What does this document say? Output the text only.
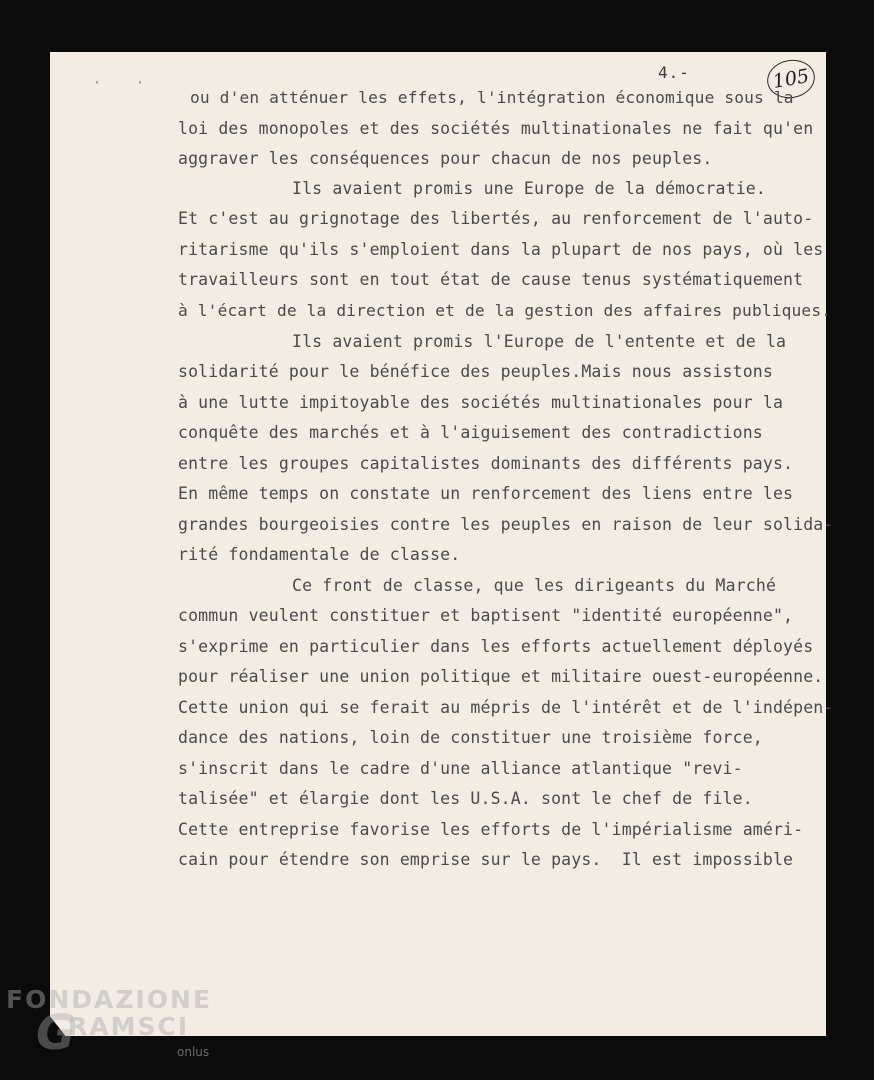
'	'
4.-	105
ou d'en atténuer les effets, l'intégration économique sous la
loi des monopoles et des sociétés multinationales ne fait qu'en
aggraver les conséquences pour chacun de nos peuples.
Ils avaient promis une Europe de la démocratie.
Et c'est au grignotage des libertés, au renforcement de l'auto-
ritarisme qu'ils s'emploient dans la plupart de nos pays, où les
travailleurs sont en tout état de cause tenus systématiquement
à l'écart de la direction et de la gestion des affaires publiques.
Ils avaient promis l'Europe de l'entente et de la
solidarité pour le bénéfice des peuples.Mais nous assistons
à une lutte impitoyable des sociétés multinationales pour la
conquête des marchés et à l'aiguisement des contradictions
entre les groupes capitalistes dominants des différents pays.
En même temps on constate un renforcement des liens entre les
grandes bourgeoisies contre les peuples en raison de leur solida-
rité fondamentale de classe.
Ce front de classe, que les dirigeants du Marché
commun veulent constituer et baptisent "identité européenne",
s'exprime en particulier dans les efforts actuellement déployés
pour réaliser une union politique et militaire ouest-européenne.
Cette union qui se ferait au mépris de l'intérêt et de l'indépen-
dance des nations, loin de constituer une troisième force,
s'inscrit dans le cadre d'une alliance atlantique "revi-
talisée" et élargie dont les U.S.A. sont le chef de file.
Cette entreprise favorise les efforts de l'impérialisme améri-
cain pour étendre son emprise sur le pays.  Il est impossible
FONDAZIONE
G
RAMSCI
onlus
